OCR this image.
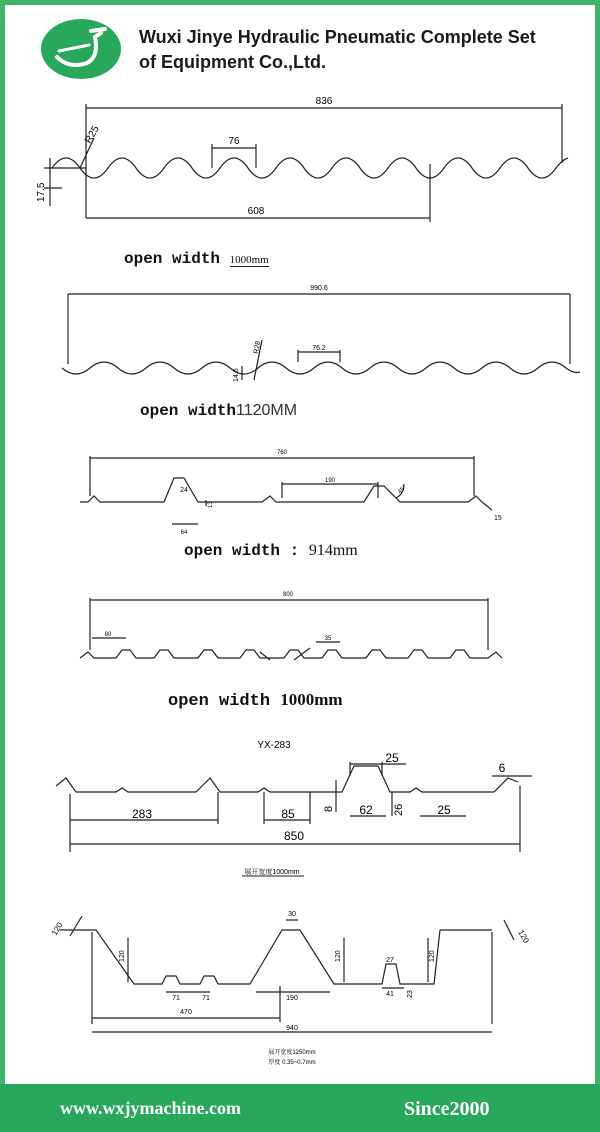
Wuxi Jinye Hydraulic Pneumatic Complete Set
of Equipment Co.,Ltd.
836
R25	76
17.5
608
open width 1000mm
990.6
76.2
R28
14.6
open width1120MM
760
24
64
13
190
45°
15
open width : 914mm
800
80
35
open width 1000mm
YX-283
25
6
283	85	8 62 26	25
850
展开宽度1000mm
120
30
120	120	120
71	71	190
27
41 23
470
940
120
展开宽度1250mm
厚度 0.35~0.7mm
www.wxjymachine.com	Since2000
